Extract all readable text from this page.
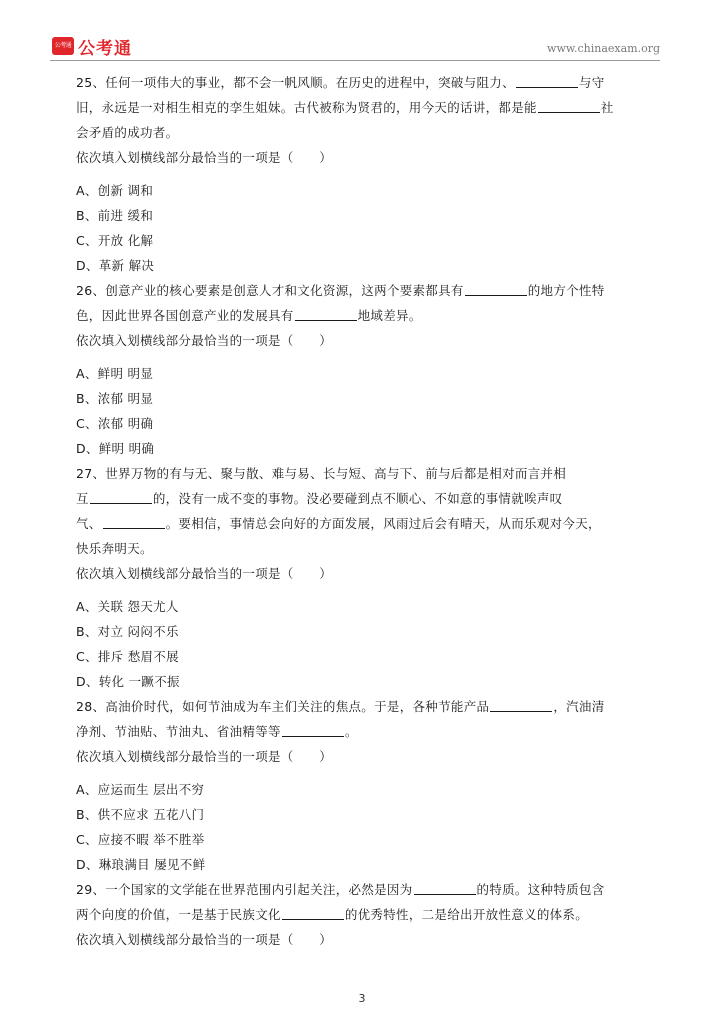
公考通 公考通	www.chinaexam.org
25、任何一项伟大的事业，都不会一帆风顺。在历史的进程中，突破与阻力、	与守
旧，永远是一对相生相克的孪生姐妹。古代被称为贤君的，用今天的话讲，都是能	社
会矛盾的成功者。
依次填入划横线部分最恰当的一项是（　　）
A、创新 调和
B、前进 缓和
C、开放 化解
D、革新 解决
26、创意产业的核心要素是创意人才和文化资源，这两个要素都具有	的地方个性特
色，因此世界各国创意产业的发展具有	地域差异。
依次填入划横线部分最恰当的一项是（　　）
A、鲜明 明显
B、浓郁 明显
C、浓郁 明确
D、鲜明 明确
27、世界万物的有与无、聚与散、难与易、长与短、高与下、前与后都是相对而言并相
互	的，没有一成不变的事物。没必要碰到点不顺心、不如意的事情就唉声叹
气、	。要相信，事情总会向好的方面发展，风雨过后会有晴天，从而乐观对今天，
快乐奔明天。
依次填入划横线部分最恰当的一项是（　　）
A、关联 怨天尤人
B、对立 闷闷不乐
C、排斥 愁眉不展
D、转化 一蹶不振
28、高油价时代，如何节油成为车主们关注的焦点。于是，各种节能产品	，汽油清
净剂、节油贴、节油丸、省油精等等	。
依次填入划横线部分最恰当的一项是（　　）
A、应运而生 层出不穷
B、供不应求 五花八门
C、应接不暇 举不胜举
D、琳琅满目 屡见不鲜
29、一个国家的文学能在世界范围内引起关注，必然是因为	的特质。这种特质包含
两个向度的价值，一是基于民族文化	的优秀特性，二是给出开放性意义的体系。
依次填入划横线部分最恰当的一项是（　　）
3
